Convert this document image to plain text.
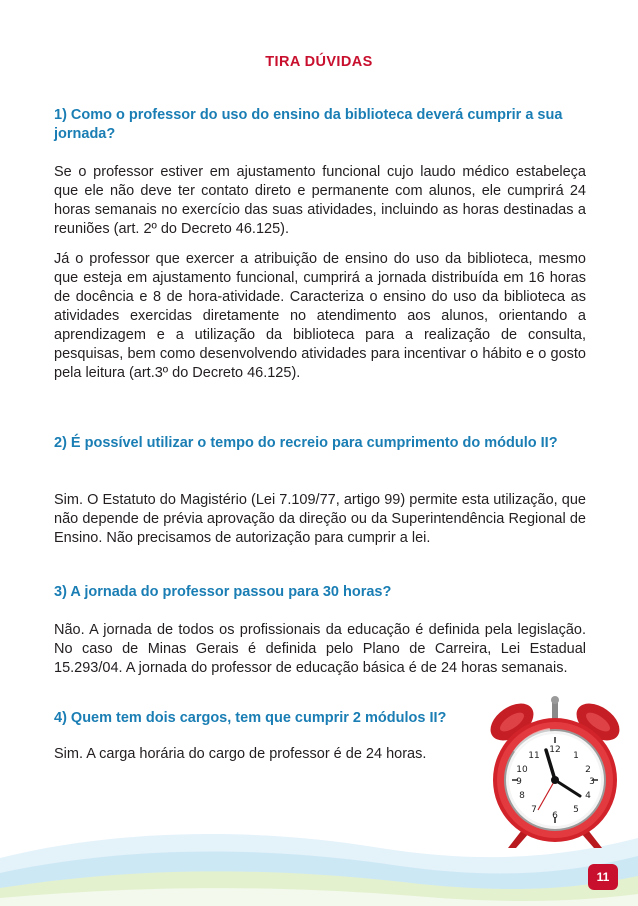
TIRA DÚVIDAS

1) Como o professor do uso do ensino da biblioteca deverá cumprir a sua jornada?

Se o professor estiver em ajustamento funcional cujo laudo médico estabeleça que ele não deve ter contato direto e permanente com alunos, ele cumprirá 24 horas semanais no exercício das suas atividades, incluindo as horas destinadas a reuniões (art. 2º do Decreto 46.125).

Já o professor que exercer a atribuição de ensino do uso da biblioteca, mesmo que esteja em ajustamento funcional, cumprirá a jornada distribuída em 16 horas de docência e 8 de hora-atividade. Caracteriza o ensino do uso da biblioteca as atividades exercidas diretamente no atendimento aos alunos, orientando a aprendizagem e a utilização da biblioteca para a realização de consulta, pesquisas, bem como desenvolvendo atividades para incentivar o hábito e o gosto pela leitura (art.3º do Decreto 46.125).

2) É possível utilizar o tempo do recreio para cumprimento do módulo II?

Sim. O Estatuto do Magistério (Lei 7.109/77, artigo 99) permite esta utilização, que não depende de prévia aprovação da direção ou da Superintendência Regional de Ensino. Não precisamos de autorização para cumprir a lei.

3) A jornada do professor passou para 30 horas?

Não. A jornada de todos os profissionais da educação é definida pela legislação. No caso de Minas Gerais é definida pelo Plano de Carreira, Lei Estadual 15.293/04. A jornada do professor de educação básica é de 24 horas semanais.

4) Quem tem dois cargos, tem que cumprir 2 módulos II?

Sim. A carga horária do cargo de professor é de 24 horas.	12
1
2
3
4
5
6
7
8
9
10
11
11
